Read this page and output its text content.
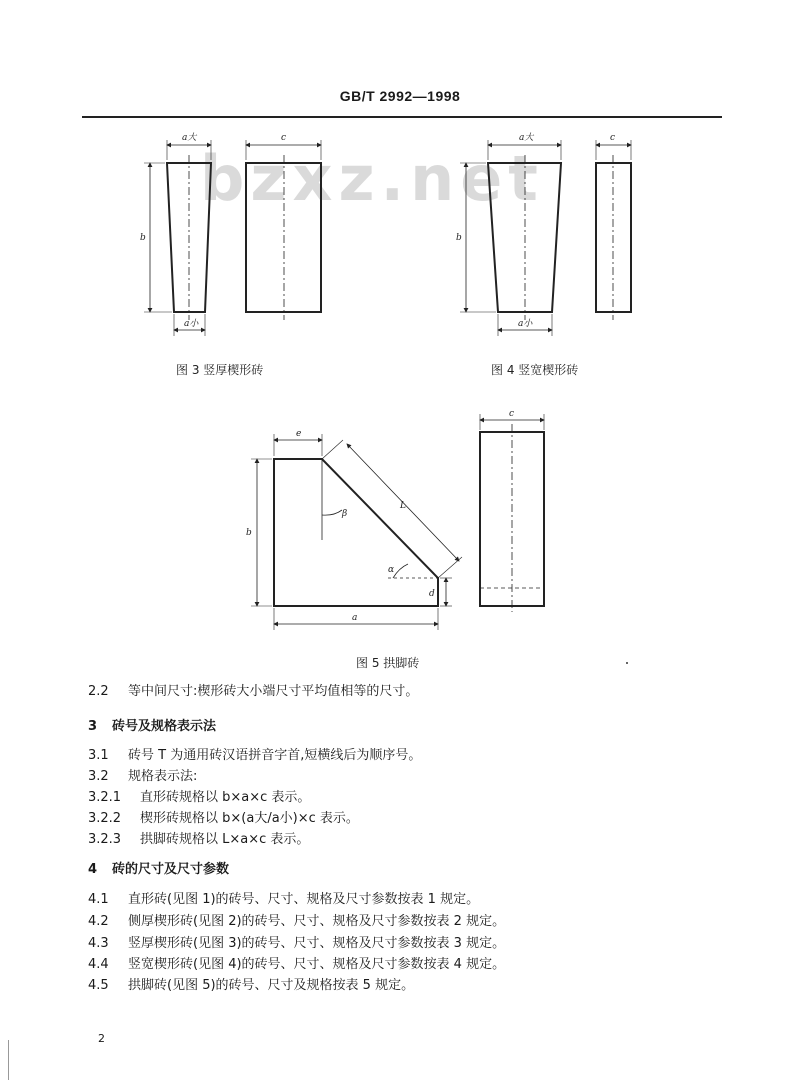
GB/T 2992—1998
bzxz.net
a大	c
b
a小
图 3 竖厚楔形砖
a大	c
b
a小
图 4 竖宽楔形砖
e
c
b
β
L
α
d
a
图 5 拱脚砖
2.2 等中间尺寸:楔形砖大小端尺寸平均值相等的尺寸。
3 砖号及规格表示法
3.1 砖号 T 为通用砖汉语拼音字首,短横线后为顺序号。
3.2 规格表示法:
3.2.1 直形砖规格以 b×a×c 表示。
3.2.2 楔形砖规格以 b×(a大/a小)×c 表示。
3.2.3 拱脚砖规格以 L×a×c 表示。
4 砖的尺寸及尺寸参数
4.1 直形砖(见图 1)的砖号、尺寸、规格及尺寸参数按表 1 规定。
4.2 侧厚楔形砖(见图 2)的砖号、尺寸、规格及尺寸参数按表 2 规定。
4.3 竖厚楔形砖(见图 3)的砖号、尺寸、规格及尺寸参数按表 3 规定。
4.4 竖宽楔形砖(见图 4)的砖号、尺寸、规格及尺寸参数按表 4 规定。
4.5 拱脚砖(见图 5)的砖号、尺寸及规格按表 5 规定。
2
